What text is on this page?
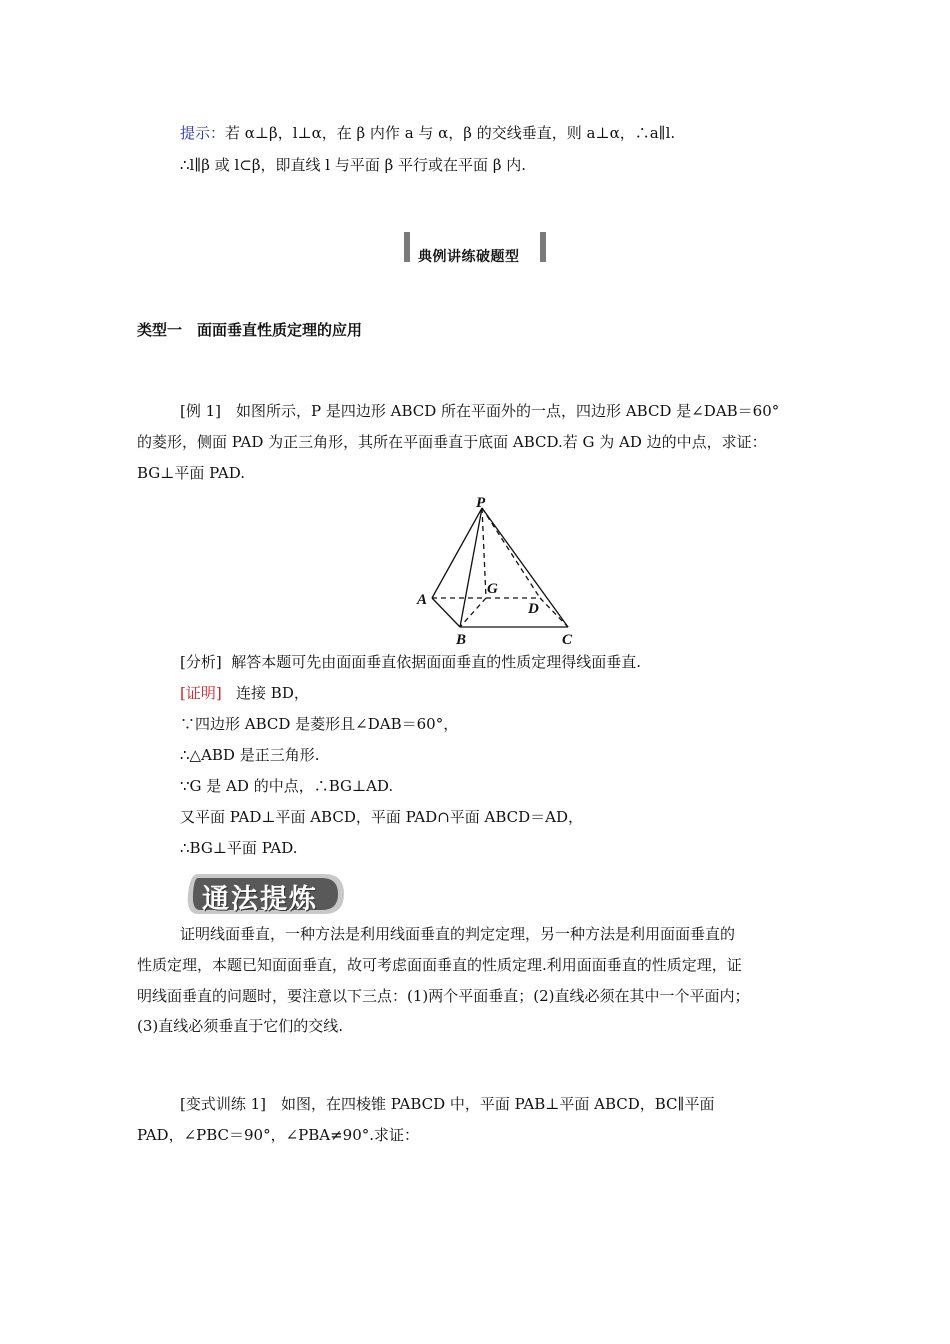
提示：若 α⊥β，l⊥α，在 β 内作 a 与 α，β 的交线垂直，则 a⊥α，∴a∥l.
∴l∥β 或 l⊂β，即直线 l 与平面 β 平行或在平面 β 内.
典例讲练破题型
类型一　面面垂直性质定理的应用
[例 1]　如图所示，P 是四边形 ABCD 所在平面外的一点，四边形 ABCD 是∠DAB＝60°
的菱形，侧面 PAD 为正三角形，其所在平面垂直于底面 ABCD.若 G 为 AD 边的中点，求证：
BG⊥平面 PAD.
P
A
G
D
B	C
[分析] 解答本题可先由面面垂直依据面面垂直的性质定理得线面垂直.
[证明] 连接 BD，
∵四边形 ABCD 是菱形且∠DAB＝60°，
∴△ABD 是正三角形.
∵G 是 AD 的中点，∴BG⊥AD.
又平面 PAD⊥平面 ABCD，平面 PAD∩平面 ABCD＝AD，
∴BG⊥平面 PAD.
通法提炼
证明线面垂直，一种方法是利用线面垂直的判定定理，另一种方法是利用面面垂直的
性质定理，本题已知面面垂直，故可考虑面面垂直的性质定理.利用面面垂直的性质定理，证
明线面垂直的问题时，要注意以下三点：(1)两个平面垂直；(2)直线必须在其中一个平面内；
(3)直线必须垂直于它们的交线.
[变式训练 1]　如图，在四棱锥 PABCD 中，平面 PAB⊥平面 ABCD，BC∥平面
PAD，∠PBC＝90°，∠PBA≠90°.求证：
